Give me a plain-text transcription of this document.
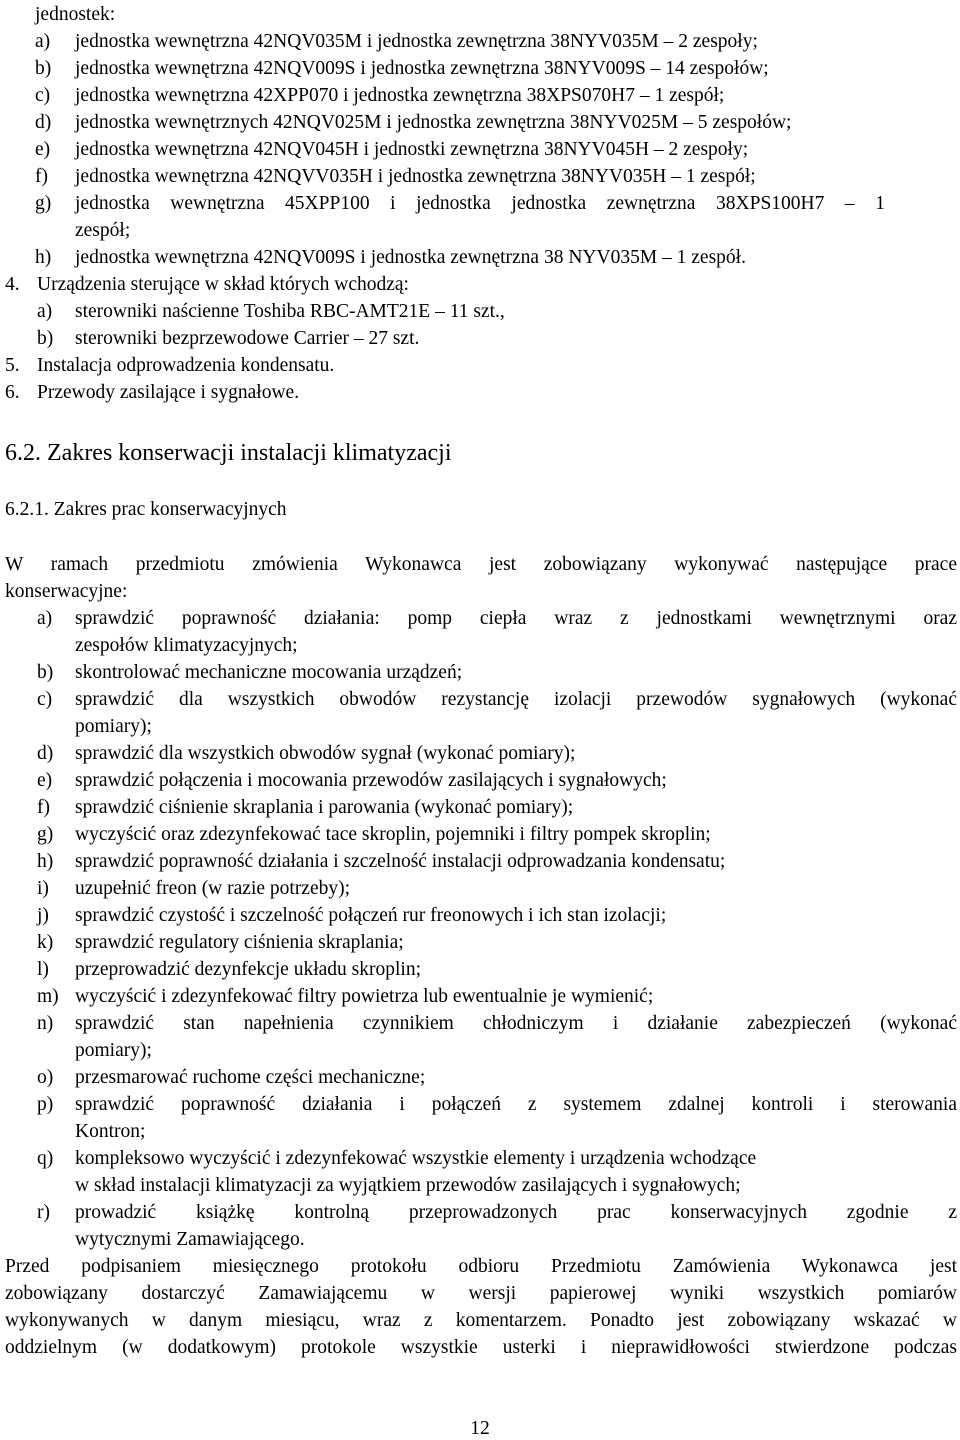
jednostek:
a) jednostka wewnętrzna 42NQV035M i jednostka zewnętrzna 38NYV035M – 2 zespoły;
b) jednostka wewnętrzna 42NQV009S i jednostka zewnętrzna 38NYV009S – 14 zespołów;
c) jednostka wewnętrzna 42XPP070 i jednostka zewnętrzna 38XPS070H7 – 1 zespół;
d) jednostka wewnętrznych 42NQV025M i jednostka zewnętrzna 38NYV025M – 5 zespołów;
e) jednostka wewnętrzna 42NQV045H i jednostki zewnętrzna 38NYV045H – 2 zespoły;
f) jednostka wewnętrzna 42NQVV035H i jednostka zewnętrzna 38NYV035H – 1 zespół;
g) jednostka wewnętrzna 45XPP100 i jednostka jednostka zewnętrzna 38XPS100H7 – 1
zespół;
h) jednostka wewnętrzna 42NQV009S i jednostka zewnętrzna 38 NYV035M – 1 zespół.
4. Urządzenia sterujące w skład których wchodzą:
a) sterowniki naścienne Toshiba RBC-AMT21E – 11 szt.,
b) sterowniki bezprzewodowe Carrier – 27 szt.
5. Instalacja odprowadzenia kondensatu.
6. Przewody zasilające i sygnałowe.
6.2. Zakres konserwacji instalacji klimatyzacji
6.2.1. Zakres prac konserwacyjnych
W ramach przedmiotu zmówienia Wykonawca jest zobowiązany wykonywać następujące prace
konserwacyjne:
a) sprawdzić poprawność działania: pomp ciepła wraz z jednostkami wewnętrznymi oraz
zespołów klimatyzacyjnych;
b) skontrolować mechaniczne mocowania urządzeń;
c) sprawdzić dla wszystkich obwodów rezystancję izolacji przewodów sygnałowych (wykonać
pomiary);
d) sprawdzić dla wszystkich obwodów sygnał (wykonać pomiary);
e) sprawdzić połączenia i mocowania przewodów zasilających i sygnałowych;
f) sprawdzić ciśnienie skraplania i parowania (wykonać pomiary);
g) wyczyścić oraz zdezynfekować tace skroplin, pojemniki i filtry pompek skroplin;
h) sprawdzić poprawność działania i szczelność instalacji odprowadzania kondensatu;
i) uzupełnić freon (w razie potrzeby);
j) sprawdzić czystość i szczelność połączeń rur freonowych i ich stan izolacji;
k) sprawdzić regulatory ciśnienia skraplania;
l) przeprowadzić dezynfekcje układu skroplin;
m) wyczyścić i zdezynfekować filtry powietrza lub ewentualnie je wymienić;
n) sprawdzić stan napełnienia czynnikiem chłodniczym i działanie zabezpieczeń (wykonać
pomiary);
o) przesmarować ruchome części mechaniczne;
p) sprawdzić poprawność działania i połączeń z systemem zdalnej kontroli i sterowania
Kontron;
q) kompleksowo wyczyścić i zdezynfekować wszystkie elementy i urządzenia wchodzące
w skład instalacji klimatyzacji za wyjątkiem przewodów zasilających i sygnałowych;
r) prowadzić książkę kontrolną przeprowadzonych prac konserwacyjnych zgodnie z
wytycznymi Zamawiającego.
Przed podpisaniem miesięcznego protokołu odbioru Przedmiotu Zamówienia Wykonawca jest
zobowiązany dostarczyć Zamawiającemu w wersji papierowej wyniki wszystkich pomiarów
wykonywanych w danym miesiącu, wraz z komentarzem. Ponadto jest zobowiązany wskazać w
oddzielnym (w dodatkowym) protokole wszystkie usterki i nieprawidłowości stwierdzone podczas
12
